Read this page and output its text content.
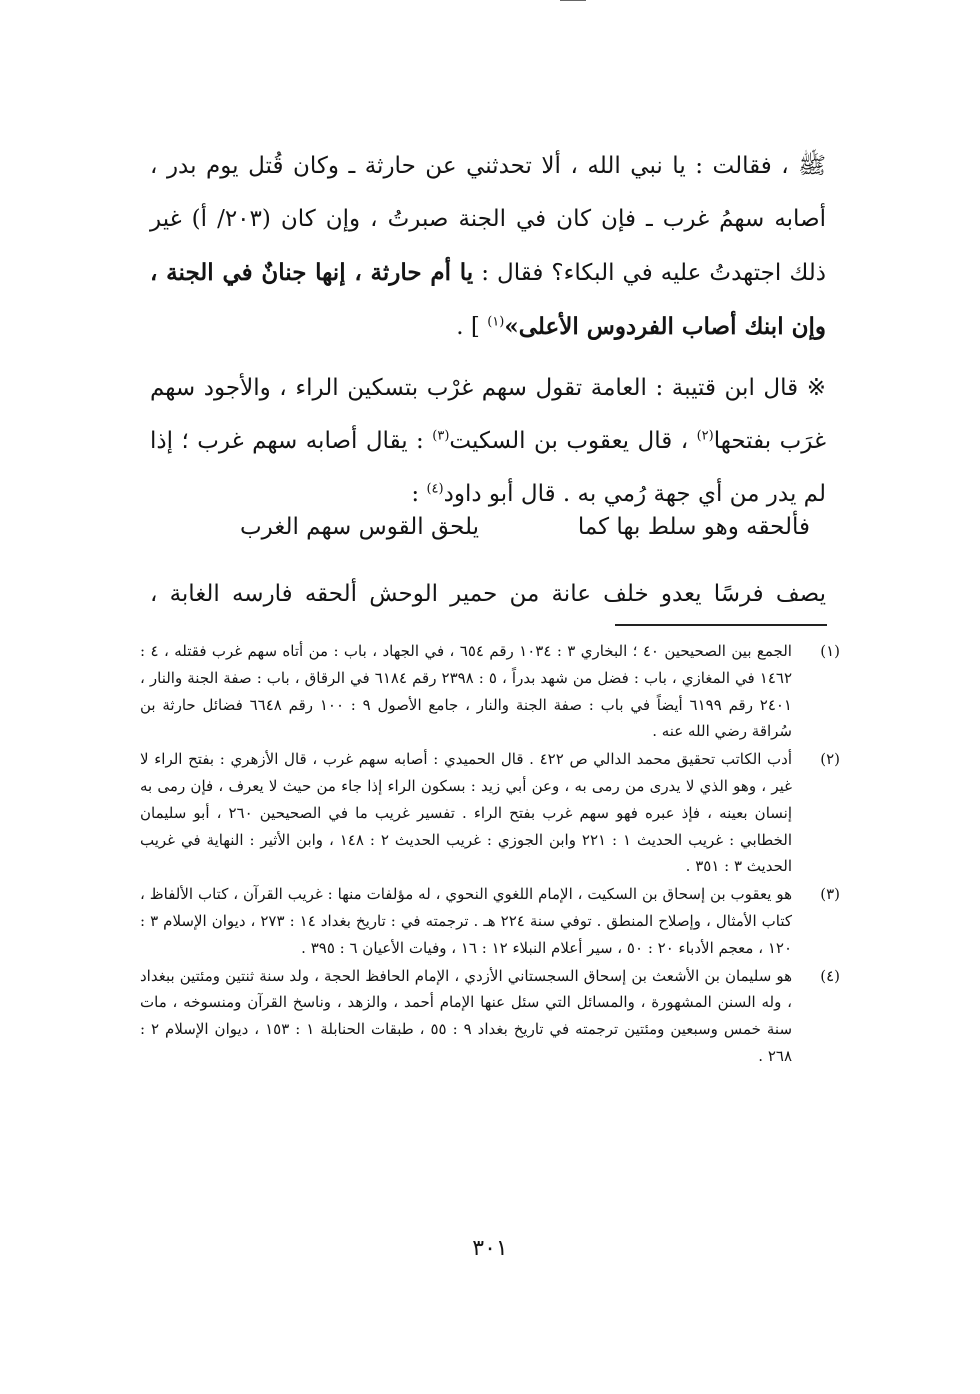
ﷺ ، فقالت : يا نبي الله ، ألا تحدثني عن حارثة ـ وكان قُتل يوم بدر ، أصابه سهمُ غرب ـ فإن كان في الجنة صبرتُ ، وإن كان (٢٠٣/ أ) غير ذلك اجتهدتُ عليه في البكاء؟ فقال : يا أم حارثة ، إنها جنانٌ في الجنة ، وإن ابنك أصاب الفردوس الأعلى»$^{(١)}$ ] .

※ قال ابن قتيبة : العامة تقول سهم غرْب بتسكين الراء ، والأجود سهم غرَب بفتحها$^{(٢)}$ ، قال يعقوب بن السكيت$^{(٣)}$ : يقال أصابه سهم غرب ؛ إذا لم يدر من أي جهة رُمي به . قال أبو داود$^{(٤)}$ :

فألحقه وهو سلط بها كما
يلحق القوس سهم الغرب
يصف فرسًا يعدو خلف عانة من حمير الوحش ألحقه فارسه الغابة ،
(١)
الجمع بين الصحيحين ٤٠ ؛ البخاري ٣ : ١٠٣٤ رقم ٦٥٤ ، في الجهاد ، باب : من أتاه سهم غرب فقتله ، ٤ : ١٤٦٢ في المغازي ، باب : فضل من شهد بدراً ، ٥ : ٢٣٩٨ رقم ٦١٨٤ في الرقاق ، باب : صفة الجنة والنار ، ٢٤٠١ رقم ٦١٩٩ أيضاً في باب : صفة الجنة والنار ، جامع الأصول ٩ : ١٠٠ رقم ٦٦٤٨ فضائل حارثة بن سُراقة رضي الله عنه .
(٢)
أدب الكاتب تحقيق محمد الدالي ص ٤٢٢ . قال الحميدي : أصابه سهم غرب ، قال الأزهري : بفتح الراء لا غير ، وهو الذي لا يدرى من رمى به ، وعن أبي زيد : بسكون الراء إذا جاء من حيث لا يعرف ، فإن رمى به إنسان بعينه ، فإذ عبره فهو سهم غرب بفتح الراء . تفسير غريب ما في الصحيحين ٢٦٠ ، أبو سليمان الخطابي : غريب الحديث ١ : ٢٢١ وابن الجوزي : غريب الحديث ٢ : ١٤٨ ، وابن الأثير : النهاية في غريب الحديث ٣ : ٣٥١ .
(٣)
هو يعقوب بن إسحاق بن السكيت ، الإمام اللغوي النحوي ، له مؤلفات منها : غريب القرآن ، كتاب الألفاظ ، كتاب الأمثال ، وإصلاح المنطق . توفي سنة ٢٢٤ هـ . ترجمته في : تاريخ بغداد ١٤ : ٢٧٣ ، ديوان الإسلام ٣ : ١٢٠ ، معجم الأدباء ٢٠ : ٥٠ ، سير أعلام النبلاء ١٢ : ١٦ ، وفيات الأعيان ٦ : ٣٩٥ .
(٤)
هو سليمان بن الأشعث بن إسحاق السجستاني الأزدي ، الإمام الحافظ الحجة ، ولد سنة ثنتين ومئتين ببغداد ، وله السنن المشهورة ، والمسائل التي سئل عنها الإمام أحمد ، والزهد ، وناسخ القرآن ومنسوخه ، مات سنة خمس وسبعين ومئتين ترجمته في تاريخ بغداد ٩ : ٥٥ ، طبقات الحنابلة ١ : ١٥٣ ، ديوان الإسلام ٢ : ٢٦٨ .
٣٠١
